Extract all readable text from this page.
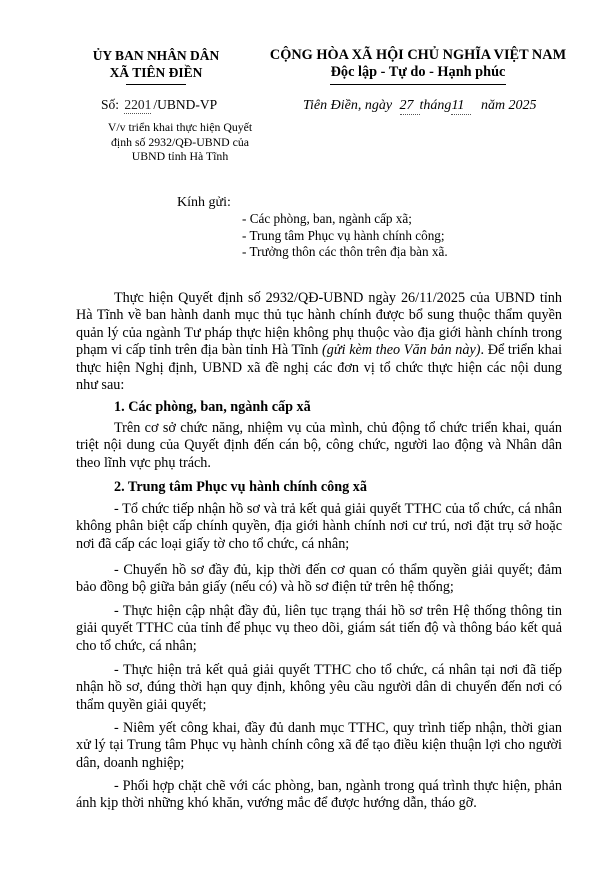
ỦY BAN NHÂN DÂN
XÃ TIÊN ĐIỀN
CỘNG HÒA XÃ HỘI CHỦ NGHĨA VIỆT NAM
Độc lập - Tự do - Hạnh phúc
Số: 2201 /UBND-VP	Tiên Điền, ngày 27 tháng11 năm 2025
V/v triển khai thực hiện Quyết
định số 2932/QĐ-UBND của
UBND tỉnh Hà Tĩnh
Kính gửi:
- Các phòng, ban, ngành cấp xã;
- Trung tâm Phục vụ hành chính công;
- Trưởng thôn các thôn trên địa bàn xã.
Thực hiện Quyết định số 2932/QĐ-UBND ngày 26/11/2025 của UBND tỉnh Hà Tĩnh về ban hành danh mục thủ tục hành chính được bổ sung thuộc thẩm quyền quản lý của ngành Tư pháp thực hiện không phụ thuộc vào địa giới hành chính trong phạm vi cấp tỉnh trên địa bàn tỉnh Hà Tĩnh (gửi kèm theo Văn bản này). Để triển khai thực hiện Nghị định, UBND xã đề nghị các đơn vị tổ chức thực hiện các nội dung như sau:
1. Các phòng, ban, ngành cấp xã
Trên cơ sở chức năng, nhiệm vụ của mình, chủ động tổ chức triển khai, quán triệt nội dung của Quyết định đến cán bộ, công chức, người lao động và Nhân dân theo lĩnh vực phụ trách.
2. Trung tâm Phục vụ hành chính công xã
- Tổ chức tiếp nhận hồ sơ và trả kết quả giải quyết TTHC của tổ chức, cá nhân không phân biệt cấp chính quyền, địa giới hành chính nơi cư trú, nơi đặt trụ sở hoặc nơi đã cấp các loại giấy tờ cho tổ chức, cá nhân;
- Chuyển hồ sơ đầy đủ, kịp thời đến cơ quan có thẩm quyền giải quyết; đảm bảo đồng bộ giữa bản giấy (nếu có) và hồ sơ điện tử trên hệ thống;
- Thực hiện cập nhật đầy đủ, liên tục trạng thái hồ sơ trên Hệ thống thông tin giải quyết TTHC của tỉnh để phục vụ theo dõi, giám sát tiến độ và thông báo kết quả cho tổ chức, cá nhân;
- Thực hiện trả kết quả giải quyết TTHC cho tổ chức, cá nhân tại nơi đã tiếp nhận hồ sơ, đúng thời hạn quy định, không yêu cầu người dân di chuyển đến nơi có thẩm quyền giải quyết;
- Niêm yết công khai, đầy đủ danh mục TTHC, quy trình tiếp nhận, thời gian xử lý tại Trung tâm Phục vụ hành chính công xã để tạo điều kiện thuận lợi cho người dân, doanh nghiệp;
- Phối hợp chặt chẽ với các phòng, ban, ngành trong quá trình thực hiện, phản ánh kịp thời những khó khăn, vướng mắc để được hướng dẫn, tháo gỡ.
